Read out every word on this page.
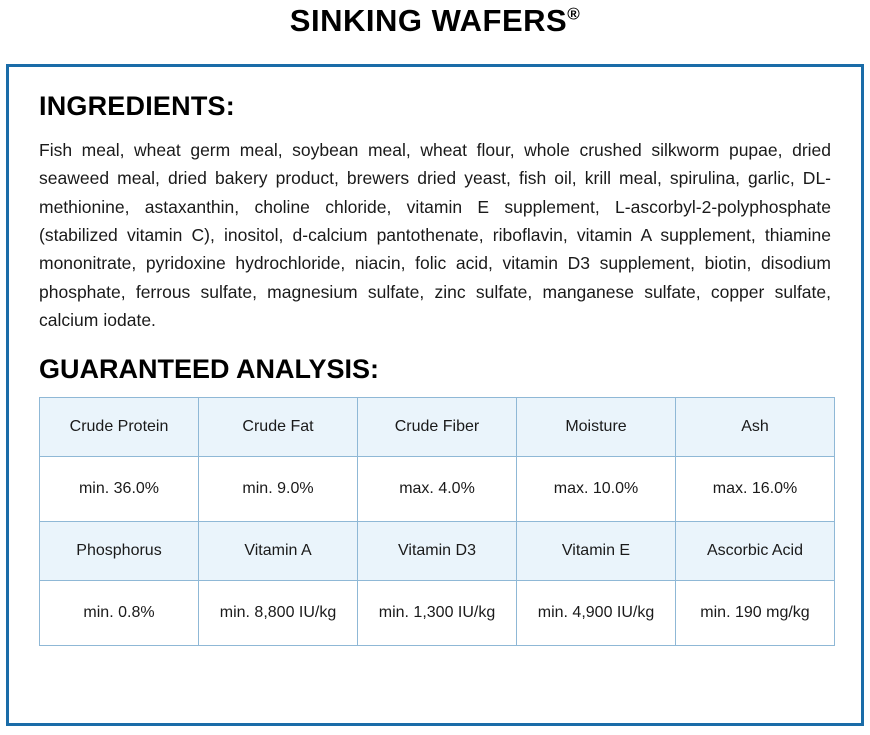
SINKING WAFERS®
INGREDIENTS:

Fish meal, wheat germ meal, soybean meal, wheat flour, whole crushed silkworm pupae, dried seaweed meal, dried bakery product, brewers dried yeast, fish oil, krill meal, spirulina, garlic, DL-methionine, astaxanthin, choline chloride, vitamin E supplement, L-ascorbyl-2-polyphosphate (stabilized vitamin C), inositol, d-calcium pantothenate, riboflavin, vitamin A supplement, thiamine mononitrate, pyridoxine hydrochloride, niacin, folic acid, vitamin D3 supplement, biotin, disodium phosphate, ferrous sulfate, magnesium sulfate, zinc sulfate, manganese sulfate, copper sulfate, calcium iodate.

GUARANTEED ANALYSIS:
Crude Protein	Crude Fat	Crude Fiber	Moisture	Ash
min. 36.0%	min. 9.0%	max. 4.0%	max. 10.0%	max. 16.0%
Phosphorus	Vitamin A	Vitamin D3	Vitamin E	Ascorbic Acid
min. 0.8%	min. 8,800 IU/kg	min. 1,300 IU/kg	min. 4,900 IU/kg	min. 190 mg/kg
